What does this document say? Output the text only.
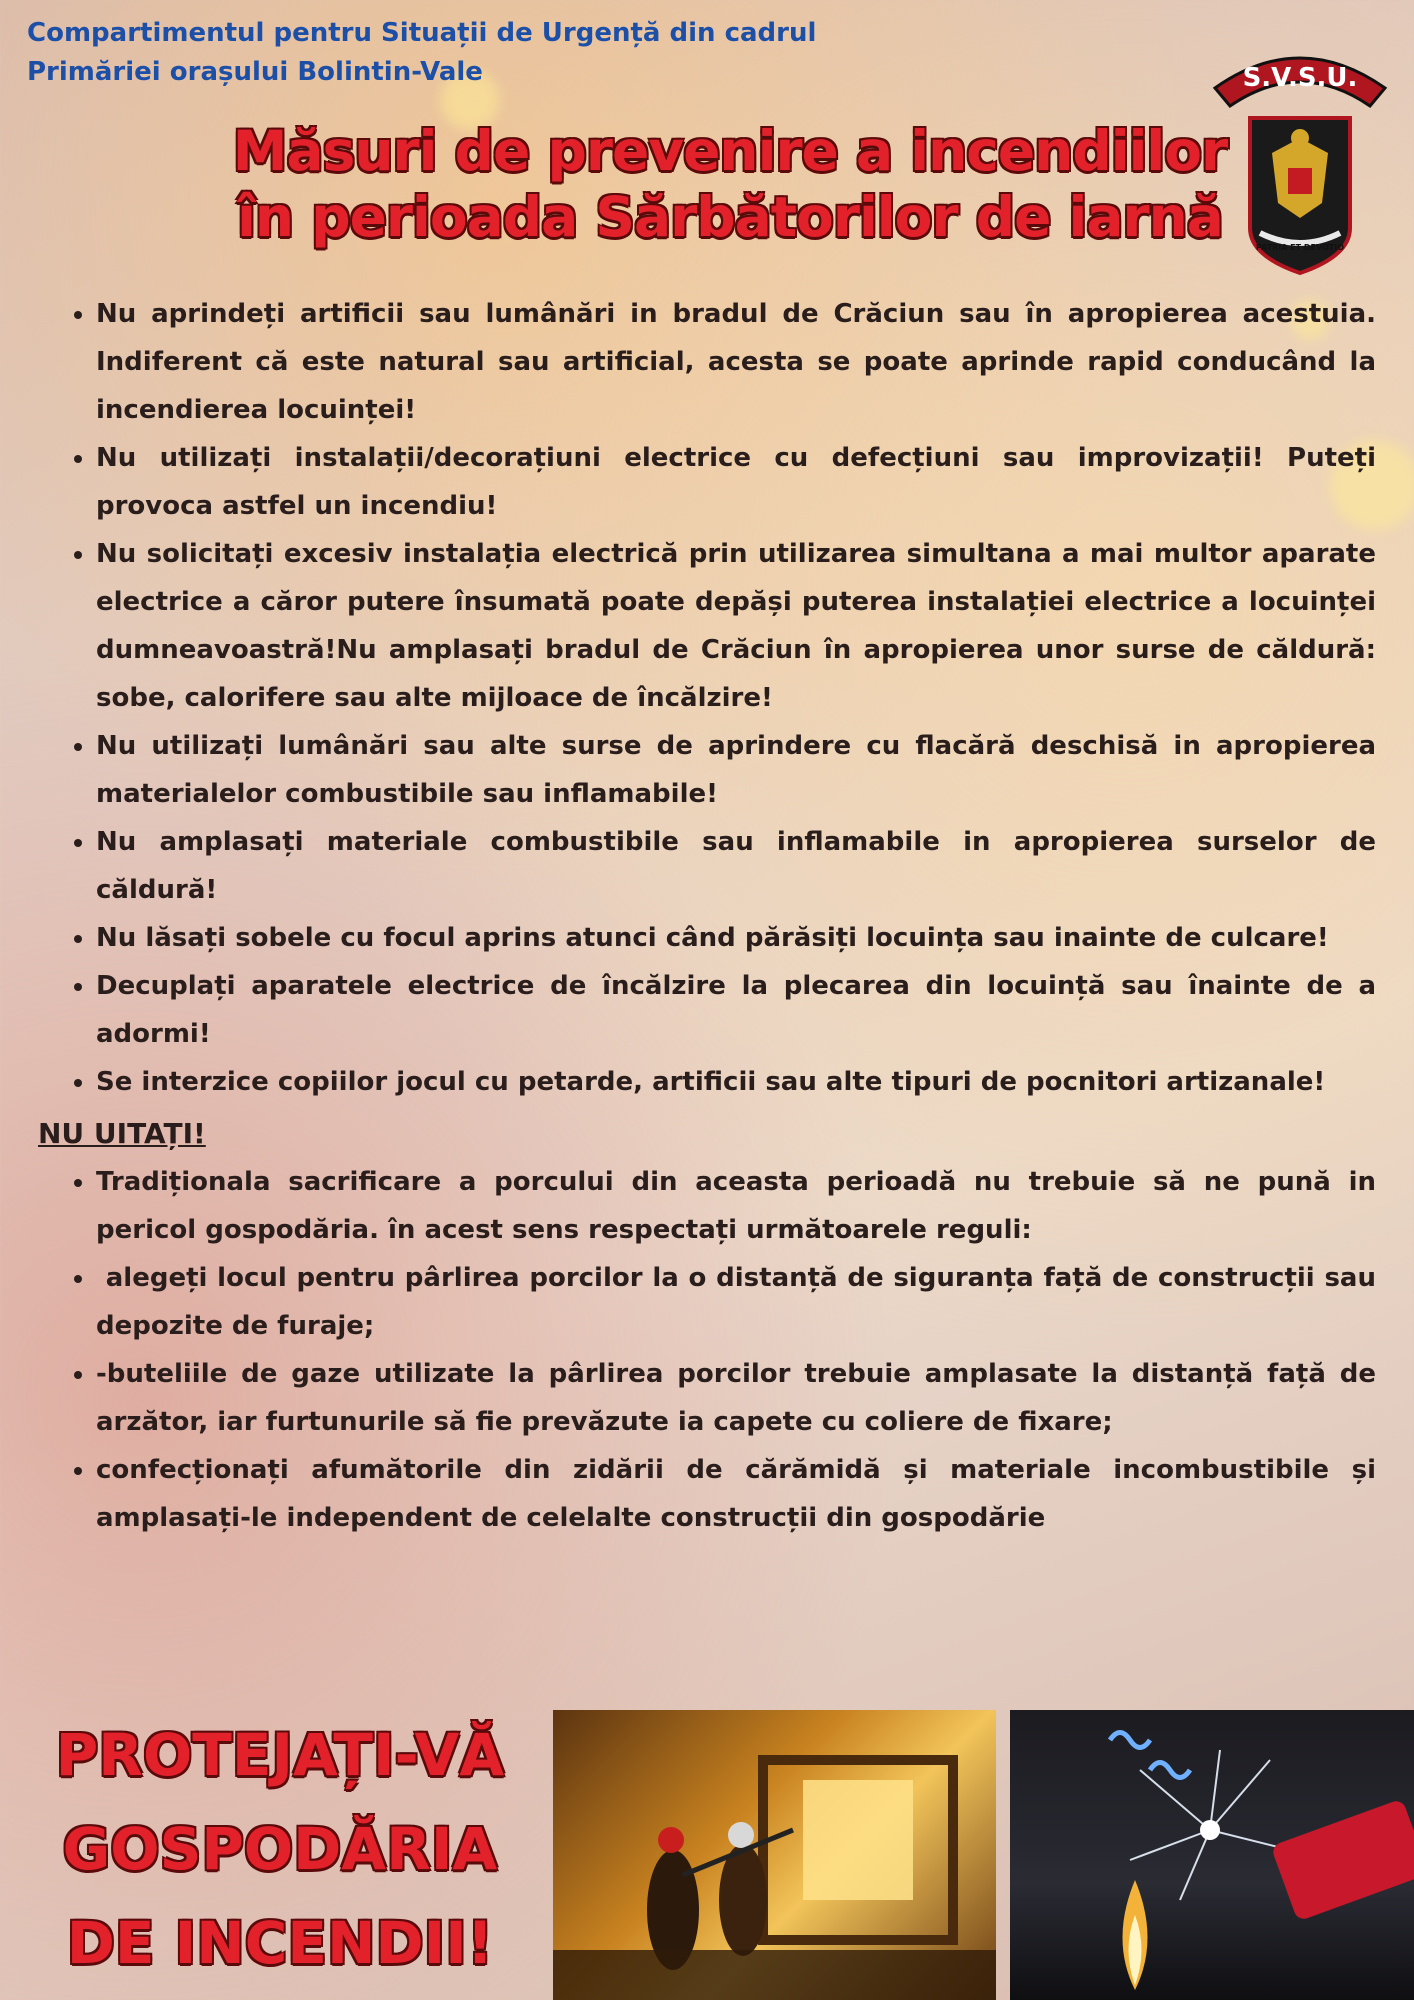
Compartimentul pentru Situații de Urgență din cadrul
Primăriei orașului Bolintin-Vale	S.V.S.U.
PATRIA ET DEVOTIO
Măsuri de prevenire a incendiilor
în perioada Sărbătorilor de iarnă
• Nu aprindeți artificii sau lumânări in bradul de Crăciun sau în apropierea acestuia. Indiferent că este natural sau artificial, acesta se poate aprinde rapid conducând la incendierea locuinței!
• Nu utilizați instalații/decorațiuni electrice cu defecțiuni sau improvizații! Puteți provoca astfel un incendiu!
• Nu solicitați excesiv instalația electrică prin utilizarea simultana a mai multor aparate electrice a căror putere însumată poate depăși puterea instalației electrice a locuinței dumneavoastră!Nu amplasați bradul de Crăciun în apropierea unor surse de căldură: sobe, calorifere sau alte mijloace de încălzire!
• Nu utilizați lumânări sau alte surse de aprindere cu flacără deschisă in apropierea materialelor combustibile sau inflamabile!
• Nu amplasați materiale combustibile sau inflamabile in apropierea surselor de căldură!
• Nu lăsați sobele cu focul aprins atunci când părăsiți locuința sau inainte de culcare!
• Decuplați aparatele electrice de încălzire la plecarea din locuință sau înainte de a adormi!
• Se interzice copiilor jocul cu petarde, artificii sau alte tipuri de pocnitori artizanale!
NU UITAȚI!
• Tradiționala sacrificare a porcului din aceasta perioadă nu trebuie să ne pună in pericol gospodăria. în acest sens respectați următoarele reguli:
•  alegeți locul pentru pârlirea porcilor la o distanță de siguranța față de construcții sau depozite de furaje;
• -buteliile de gaze utilizate la pârlirea porcilor trebuie amplasate la distanță față de arzător, iar furtunurile să fie prevăzute ia capete cu coliere de fixare;
• confecționați afumătorile din zidării de cărămidă și materiale incombustibile și amplasați-le independent de celelalte construcții din gospodărie
PROTEJAȚI-VĂ
GOSPODĂRIA
DE INCENDII!
